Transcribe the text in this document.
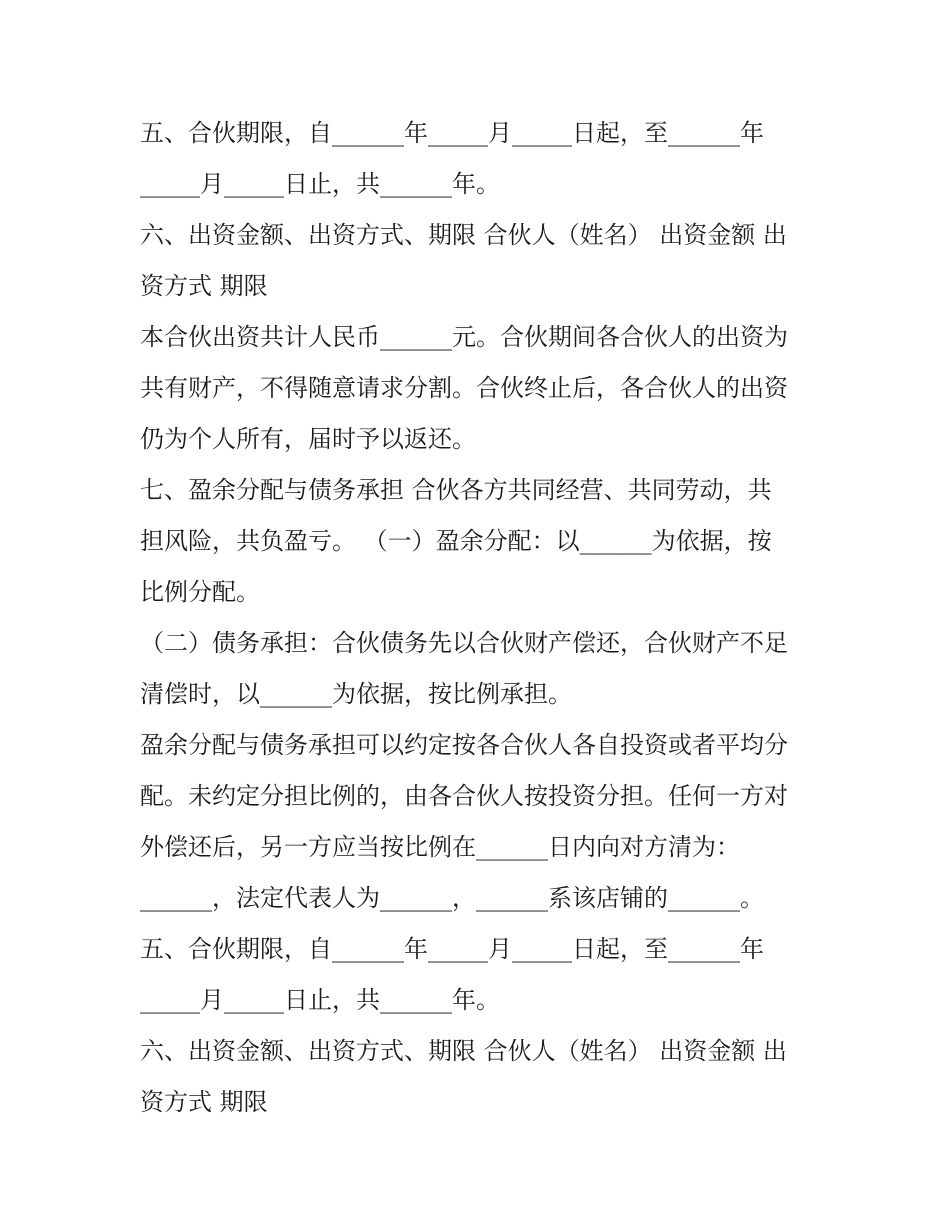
五、合伙期限，自______年_____月_____日起，至______年
_____月_____日止，共______年。
六、出资金额、出资方式、期限 合伙人（姓名） 出资金额 出
资方式 期限
本合伙出资共计人民币______元。合伙期间各合伙人的出资为
共有财产，不得随意请求分割。合伙终止后，各合伙人的出资
仍为个人所有，届时予以返还。
七、盈余分配与债务承担 合伙各方共同经营、共同劳动，共
担风险，共负盈亏。 （一）盈余分配：以______为依据，按
比例分配。
（二）债务承担：合伙债务先以合伙财产偿还，合伙财产不足
清偿时，以______为依据，按比例承担。
盈余分配与债务承担可以约定按各合伙人各自投资或者平均分
配。未约定分担比例的，由各合伙人按投资分担。任何一方对
外偿还后，另一方应当按比例在______日内向对方清为：
______，法定代表人为______，______系该店铺的______。
五、合伙期限，自______年_____月_____日起，至______年
_____月_____日止，共______年。
六、出资金额、出资方式、期限 合伙人（姓名） 出资金额 出
资方式 期限
